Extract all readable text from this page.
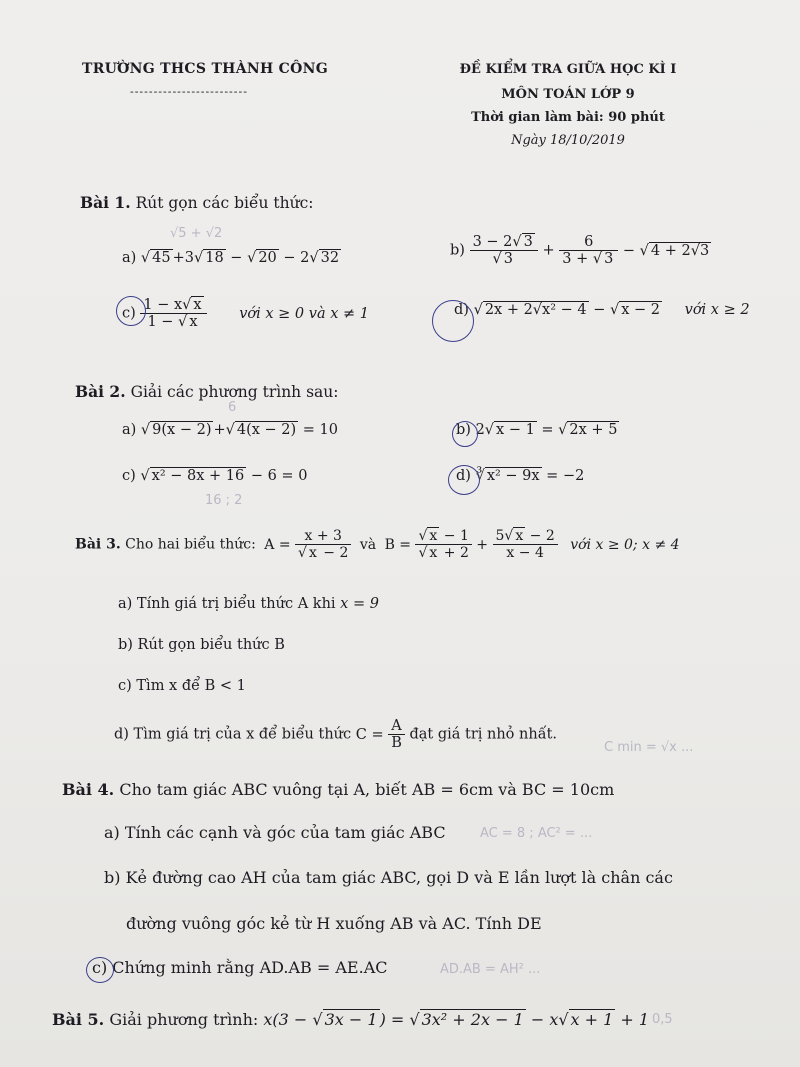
TRƯỜNG THCS THÀNH CÔNG
-------------------------
ĐỀ KIỂM TRA GIỮA HỌC KÌ I
MÔN TOÁN LỚP 9
Thời gian làm bài: 90 phút
Ngày 18/10/2019
Bài 1. Rút gọn các biểu thức:
a) √ 45 +3√ 18 − √ 20 − 2√ 32	$b) \frac{3 - 2√ 3}{√ 3} + \frac{6}{3 + √ 3}$ − √ 4 + 2√3
$c) \frac{1 - x√ x}{1 - √ x}$ với x ≥ 0 và x ≠ 1	d) √ 2x + 2√x² − 4 − √ x − 2 với x ≥ 2
Bài 2. Giải các phương trình sau:
a) √ 9(x − 2) +√ 4(x − 2) = 10	b) 2√ x − 1 = √ 2x + 5
c) √ x² − 8x + 16 − 6 = 0	d) ∛ x² − 9x = −2
Bài 3. Cho hai biểu thức: $A = \frac{x + 3}{√ x - 2}$ và $B = \frac{√ x - 1}{√ x + 2} + \frac{5√ x - 2}{x - 4}$ với x ≥ 0; x ≠ 4
a) Tính giá trị biểu thức A khi x = 9
b) Rút gọn biểu thức B
c) Tìm x để B < 1
d) Tìm giá trị của x để biểu thức $C = \frac{A}{B}$ đạt giá trị nhỏ nhất.
Bài 4. Cho tam giác ABC vuông tại A, biết AB = 6cm và BC = 10cm
a) Tính các cạnh và góc của tam giác ABC
b) Kẻ đường cao AH của tam giác ABC, gọi D và E lần lượt là chân các
đường vuông góc kẻ từ H xuống AB và AC. Tính DE
c) Chứng minh rằng AD.AB = AE.AC
Bài 5. Giải phương trình: x(3 − √ 3x − 1 ) = √ 3x² + 2x − 1 − x√ x + 1 + 1
√5 + √2
6
16 ; 2
C min = √x ...
AC = 8 ; AC² = ...
AD.AB = AH² ...
0,5
